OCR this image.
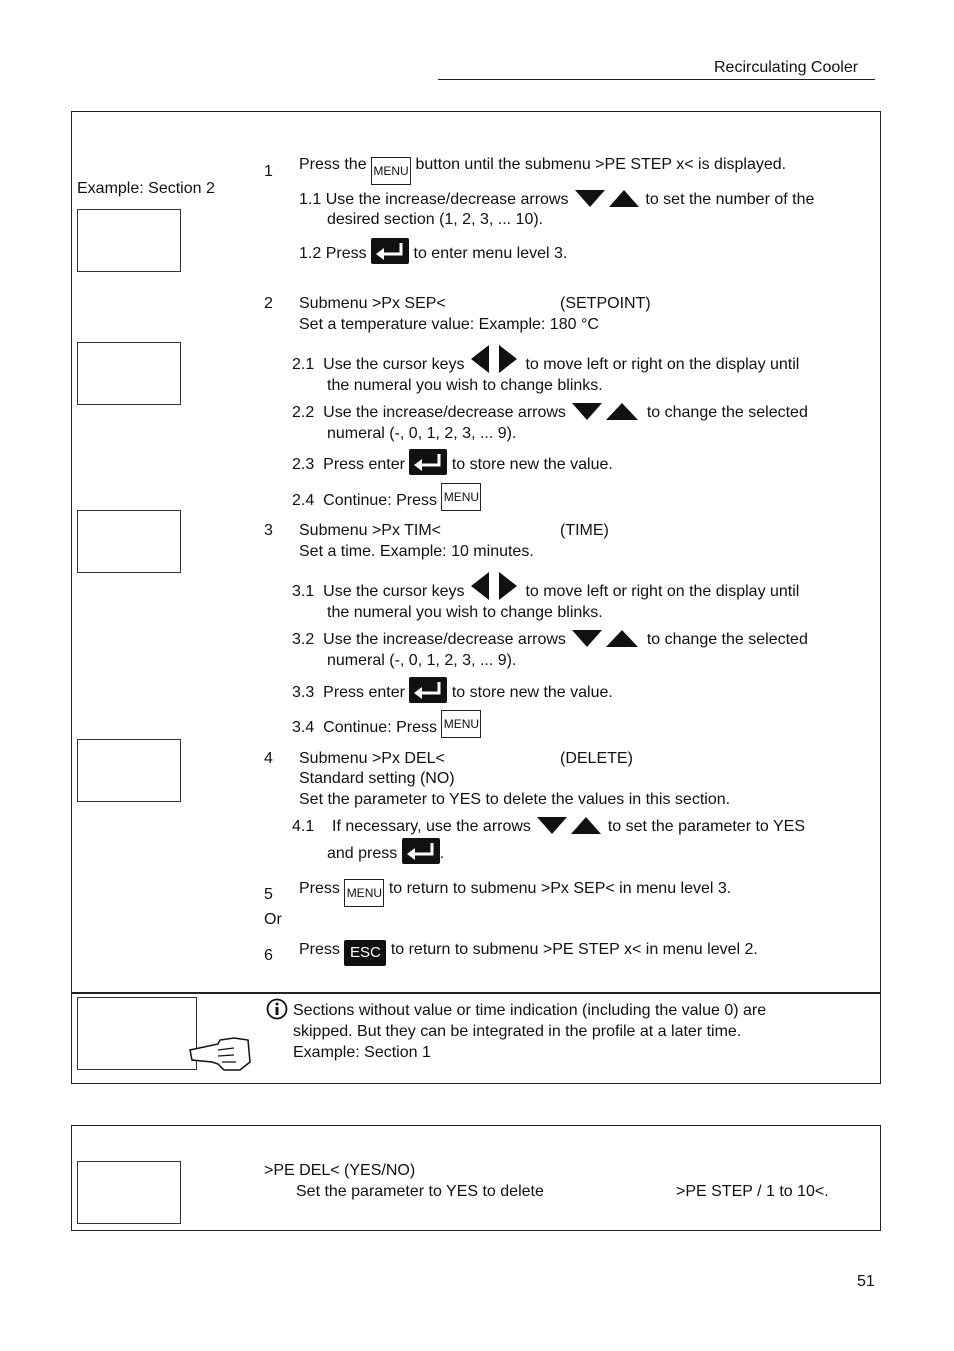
Recirculating Cooler
Example: Section 2
1 Press the MENU button until the submenu >PE STEP x< is displayed.
1.1 Use the increase/decrease arrows	to set the number of the
desired section (1, 2, 3, ... 10).
1.2 Press	to enter menu level 3.
2 Submenu >Px SEP<	(SETPOINT)
Set a temperature value: Example: 180 °C
2.1 Use the cursor keys	to move left or right on the display until
the numeral you wish to change blinks.
2.2 Use the increase/decrease arrows	to change the selected
numeral (-, 0, 1, 2, 3, ... 9).
2.3 Press enter	to store new the value.
2.4 Continue: Press MENU
3 Submenu >Px TIM<	(TIME)
Set a time. Example: 10 minutes.
3.1 Use the cursor keys	to move left or right on the display until
the numeral you wish to change blinks.
3.2 Use the increase/decrease arrows	to change the selected
numeral (-, 0, 1, 2, 3, ... 9).
3.3 Press enter	to store new the value.
3.4 Continue: Press MENU
4 Submenu >Px DEL<	(DELETE)
Standard setting (NO)
Set the parameter to YES to delete the values in this section.
4.1 If necessary, use the arrows	to set the parameter to YES
and press	.
5 Press MENU to return to submenu >Px SEP< in menu level 3.
Or
6 Press ESC to return to submenu >PE STEP x< in menu level 2.
Sections without value or time indication (including the value 0) are
skipped. But they can be integrated in the profile at a later time.
Example: Section 1
>PE DEL< (YES/NO)
Set the parameter to YES to delete	>PE STEP / 1 to 10<.
51
